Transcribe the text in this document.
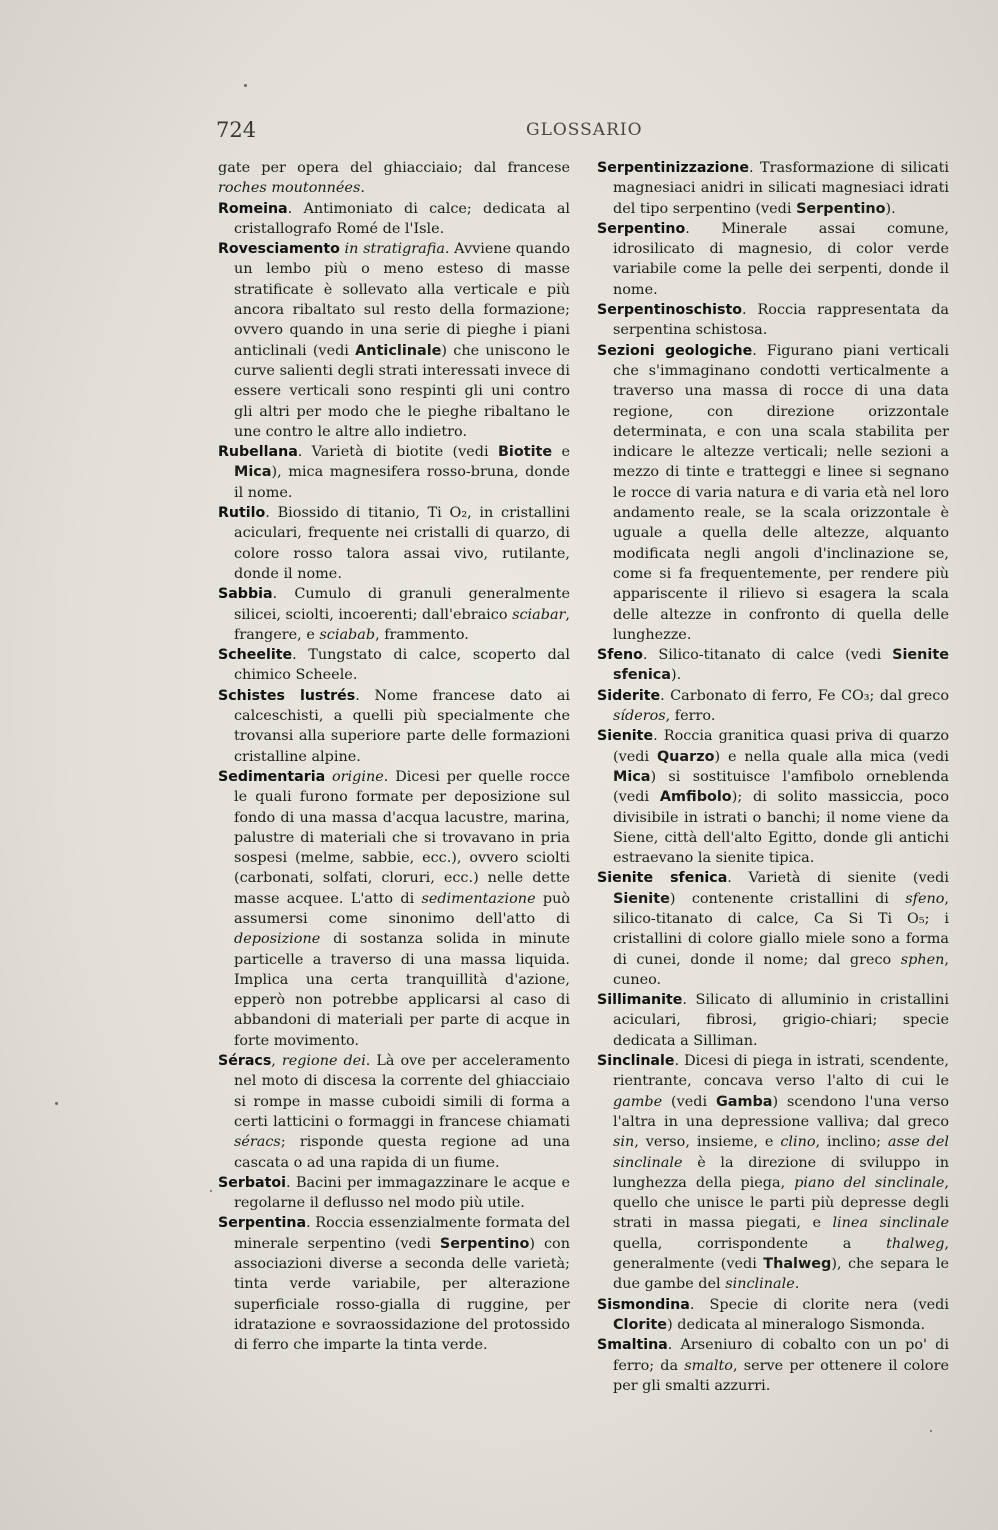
724	GLOSSARIO

gate per opera del ghiacciaio; dal francese roches moutonnées.

Romeina. Antimoniato di calce; dedicata al cristallografo Romé de l'Isle.

Rovesciamento in stratigrafia. Avviene quando un lembo più o meno esteso di masse stratificate è sollevato alla verticale e più ancora ribaltato sul resto della formazione; ovvero quando in una serie di pieghe i piani anticlinali (vedi Anticlinale) che uniscono le curve salienti degli strati interessati invece di essere verticali sono respinti gli uni contro gli altri per modo che le pieghe ribaltano le une contro le altre allo indietro.

Rubellana. Varietà di biotite (vedi Biotite e Mica), mica magnesifera rosso-bruna, donde il nome.

Rutilo. Biossido di titanio, Ti O₂, in cristallini aciculari, frequente nei cristalli di quarzo, di colore rosso talora assai vivo, rutilante, donde il nome.

Sabbia. Cumulo di granuli generalmente silicei, sciolti, incoerenti; dall'ebraico sciabar, frangere, e sciabab, frammento.

Scheelite. Tungstato di calce, scoperto dal chimico Scheele.

Schistes lustrés. Nome francese dato ai calceschisti, a quelli più specialmente che trovansi alla superiore parte delle formazioni cristalline alpine.

Sedimentaria origine. Dicesi per quelle rocce le quali furono formate per deposizione sul fondo di una massa d'acqua lacustre, marina, palustre di materiali che si trovavano in pria sospesi (melme, sabbie, ecc.), ovvero sciolti (carbonati, solfati, cloruri, ecc.) nelle dette masse acquee. L'atto di sedimentazione può assumersi come sinonimo dell'atto di deposizione di sostanza solida in minute particelle a traverso di una massa liquida. Implica una certa tranquillità d'azione, epperò non potrebbe applicarsi al caso di abbandoni di materiali per parte di acque in forte movimento.

Séracs, regione dei. Là ove per acceleramento nel moto di discesa la corrente del ghiacciaio si rompe in masse cuboidi simili di forma a certi latticini o formaggi in francese chiamati séracs; risponde questa regione ad una cascata o ad una rapida di un fiume.

Serbatoi. Bacini per immagazzinare le acque e regolarne il deflusso nel modo più utile.

Serpentina. Roccia essenzialmente formata del minerale serpentino (vedi Serpentino) con associazioni diverse a seconda delle varietà; tinta verde variabile, per alterazione superficiale rosso-gialla di ruggine, per idratazione e sovraossidazione del protossido di ferro che imparte la tinta verde.

Serpentinizzazione. Trasformazione di silicati magnesiaci anidri in silicati magnesiaci idrati del tipo serpentino (vedi Serpentino).

Serpentino. Minerale assai comune, idrosilicato di magnesio, di color verde variabile come la pelle dei serpenti, donde il nome.

Serpentinoschisto. Roccia rappresentata da serpentina schistosa.

Sezioni geologiche. Figurano piani verticali che s'immaginano condotti verticalmente a traverso una massa di rocce di una data regione, con direzione orizzontale determinata, e con una scala stabilita per indicare le altezze verticali; nelle sezioni a mezzo di tinte e tratteggi e linee si segnano le rocce di varia natura e di varia età nel loro andamento reale, se la scala orizzontale è uguale a quella delle altezze, alquanto modificata negli angoli d'inclinazione se, come si fa frequentemente, per rendere più appariscente il rilievo si esagera la scala delle altezze in confronto di quella delle lunghezze.

Sfeno. Silico-titanato di calce (vedi Sienite sfenica).

Siderite. Carbonato di ferro, Fe CO₃; dal greco síderos, ferro.

Sienite. Roccia granitica quasi priva di quarzo (vedi Quarzo) e nella quale alla mica (vedi Mica) si sostituisce l'amfibolo orneblenda (vedi Amfibolo); di solito massiccia, poco divisibile in istrati o banchi; il nome viene da Siene, città dell'alto Egitto, donde gli antichi estraevano la sienite tipica.

Sienite sfenica. Varietà di sienite (vedi Sienite) contenente cristallini di sfeno, silico-titanato di calce, Ca Si Ti O₅; i cristallini di colore giallo miele sono a forma di cunei, donde il nome; dal greco sphen, cuneo.

Sillimanite. Silicato di alluminio in cristallini aciculari, fibrosi, grigio-chiari; specie dedicata a Silliman.

Sinclinale. Dicesi di piega in istrati, scendente, rientrante, concava verso l'alto di cui le gambe (vedi Gamba) scendono l'una verso l'altra in una depressione valliva; dal greco sin, verso, insieme, e clino, inclino; asse del sinclinale è la direzione di sviluppo in lunghezza della piega, piano del sinclinale, quello che unisce le parti più depresse degli strati in massa piegati, e linea sinclinale quella, corrispondente a thalweg, generalmente (vedi Thalweg), che separa le due gambe del sinclinale.

Sismondina. Specie di clorite nera (vedi Clorite) dedicata al mineralogo Sismonda.

Smaltina. Arseniuro di cobalto con un po' di ferro; da smalto, serve per ottenere il colore per gli smalti azzurri.
